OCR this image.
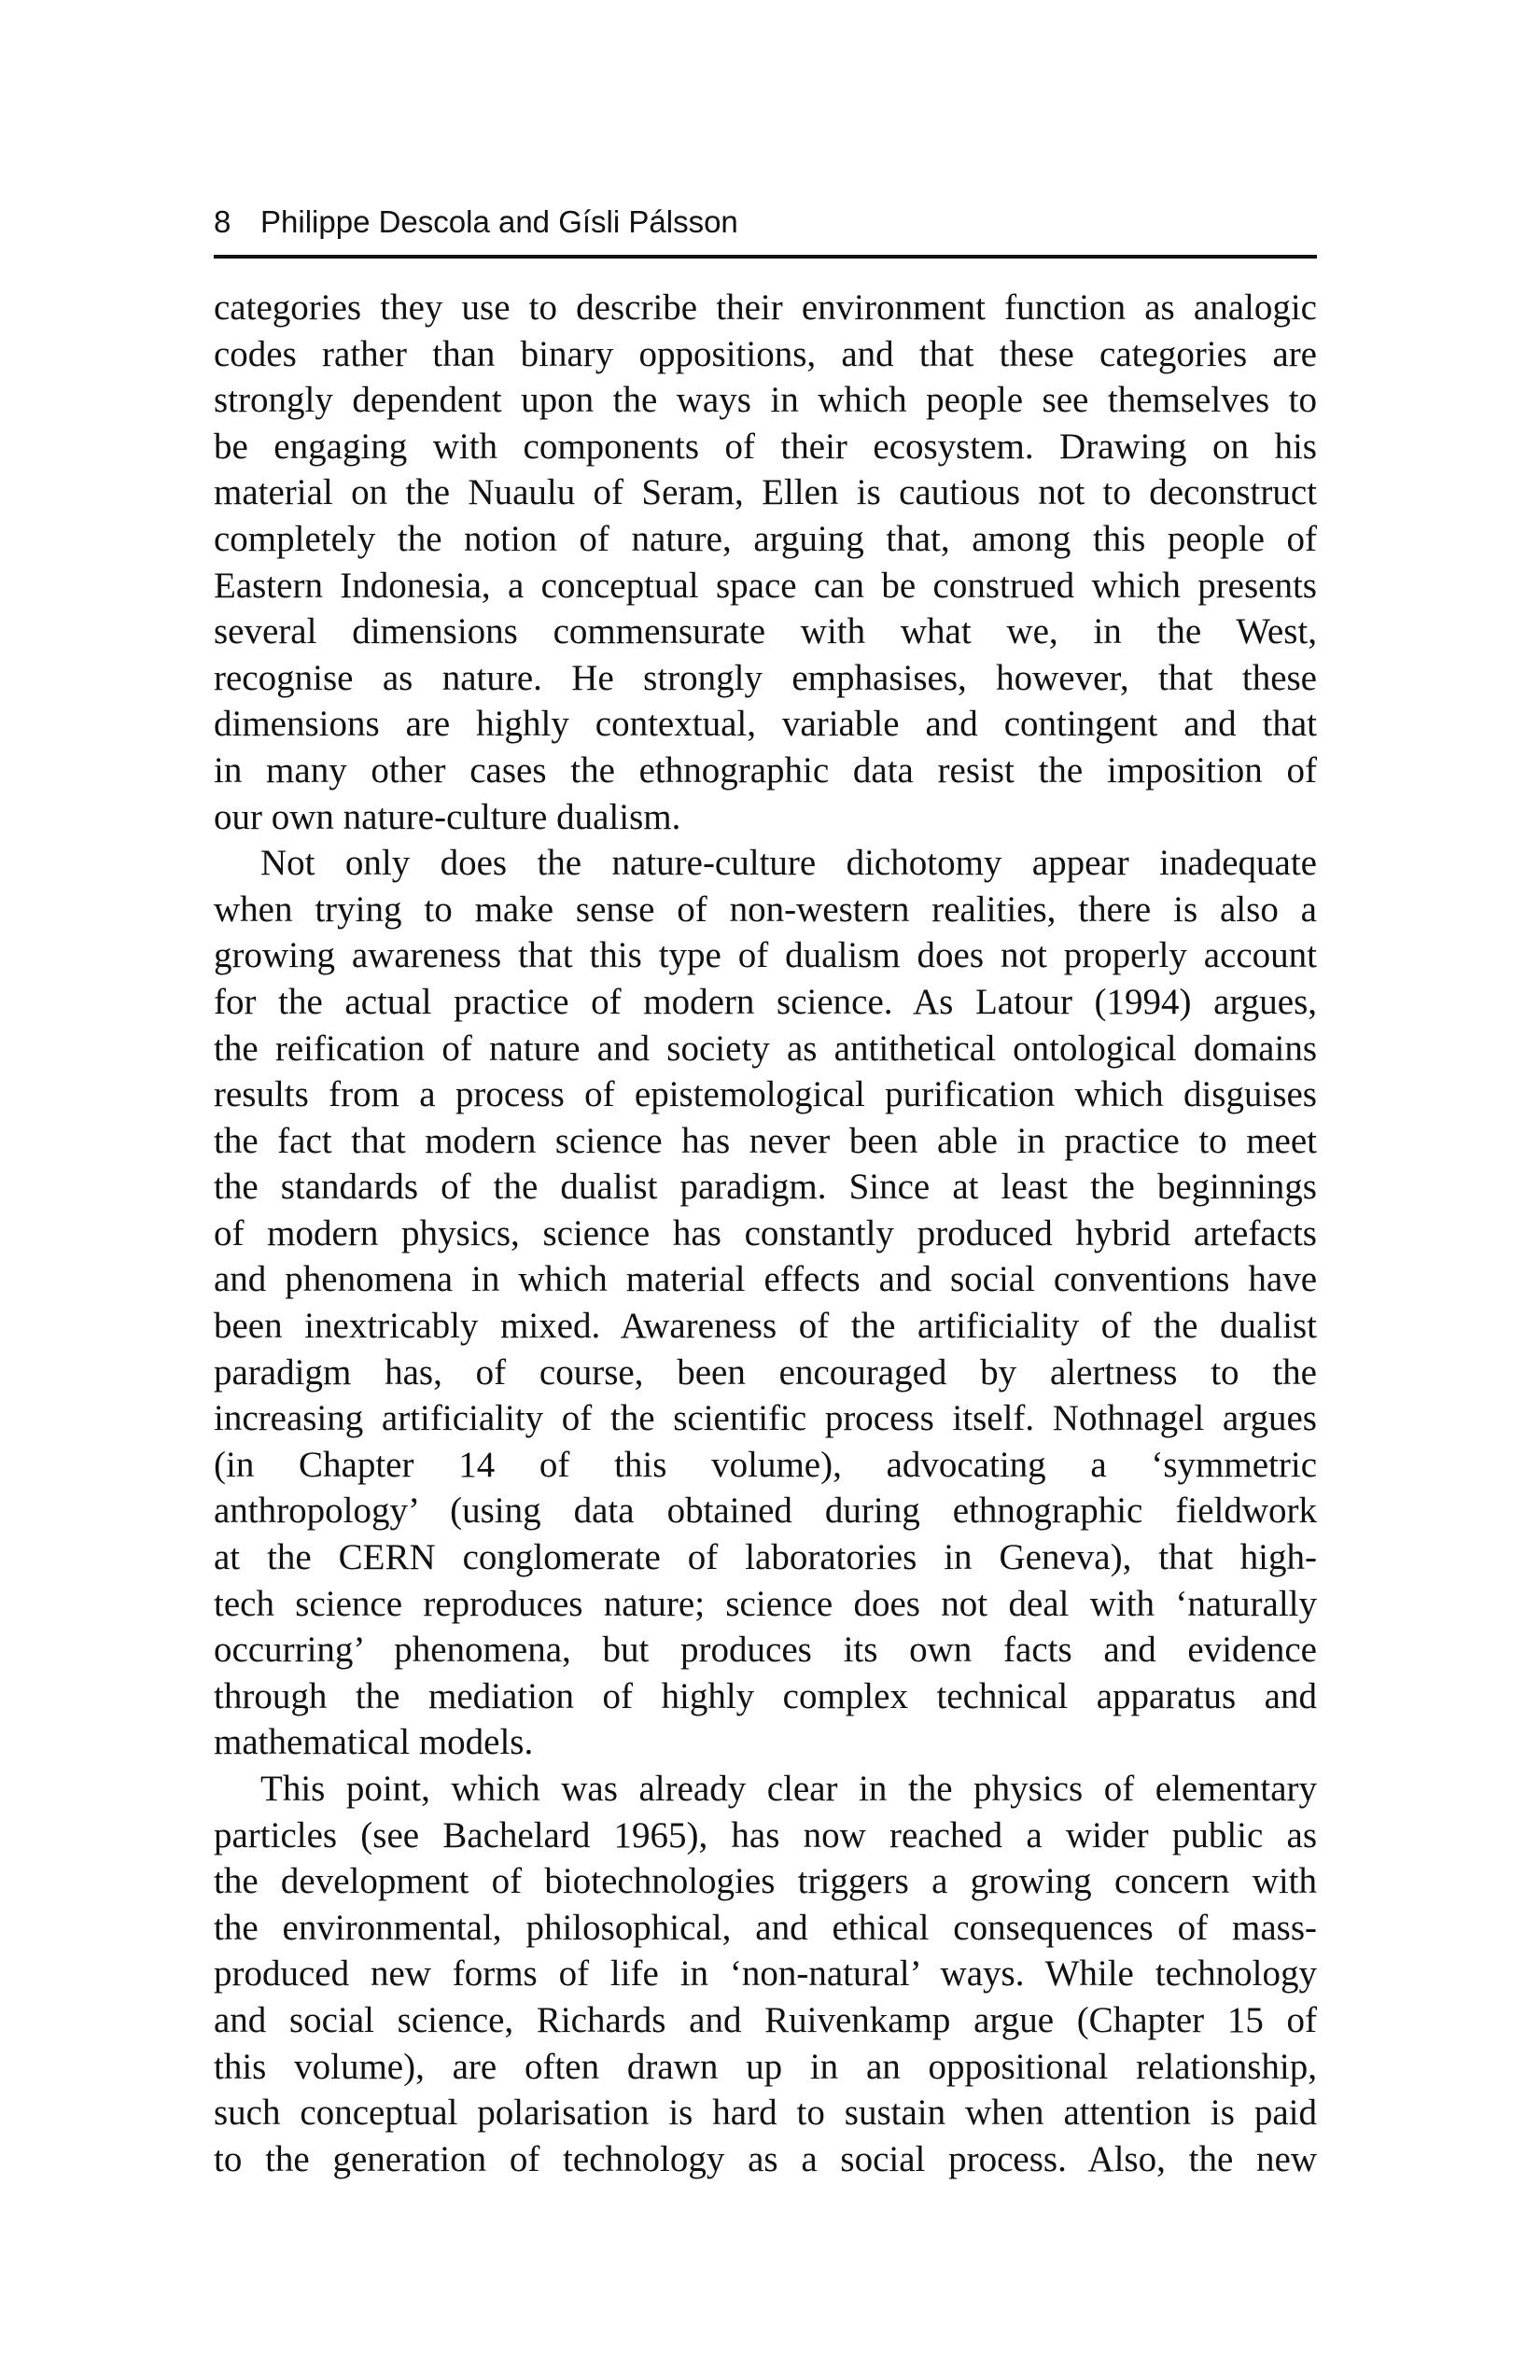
8 Philippe Descola and Gísli Pálsson
categories they use to describe their environment function as analogic
codes rather than binary oppositions, and that these categories are
strongly dependent upon the ways in which people see themselves to
be engaging with components of their ecosystem. Drawing on his
material on the Nuaulu of Seram, Ellen is cautious not to deconstruct
completely the notion of nature, arguing that, among this people of
Eastern Indonesia, a conceptual space can be construed which presents
several dimensions commensurate with what we, in the West,
recognise as nature. He strongly emphasises, however, that these
dimensions are highly contextual, variable and contingent and that
in many other cases the ethnographic data resist the imposition of
our own nature-culture dualism.
Not only does the nature-culture dichotomy appear inadequate
when trying to make sense of non-western realities, there is also a
growing awareness that this type of dualism does not properly account
for the actual practice of modern science. As Latour (1994) argues,
the reification of nature and society as antithetical ontological domains
results from a process of epistemological purification which disguises
the fact that modern science has never been able in practice to meet
the standards of the dualist paradigm. Since at least the beginnings
of modern physics, science has constantly produced hybrid artefacts
and phenomena in which material effects and social conventions have
been inextricably mixed. Awareness of the artificiality of the dualist
paradigm has, of course, been encouraged by alertness to the
increasing artificiality of the scientific process itself. Nothnagel argues
(in Chapter 14 of this volume), advocating a ‘symmetric
anthropology’ (using data obtained during ethnographic fieldwork
at the CERN conglomerate of laboratories in Geneva), that high-
tech science reproduces nature; science does not deal with ‘naturally
occurring’ phenomena, but produces its own facts and evidence
through the mediation of highly complex technical apparatus and
mathematical models.
This point, which was already clear in the physics of elementary
particles (see Bachelard 1965), has now reached a wider public as
the development of biotechnologies triggers a growing concern with
the environmental, philosophical, and ethical consequences of mass-
produced new forms of life in ‘non-natural’ ways. While technology
and social science, Richards and Ruivenkamp argue (Chapter 15 of
this volume), are often drawn up in an oppositional relationship,
such conceptual polarisation is hard to sustain when attention is paid
to the generation of technology as a social process. Also, the new
